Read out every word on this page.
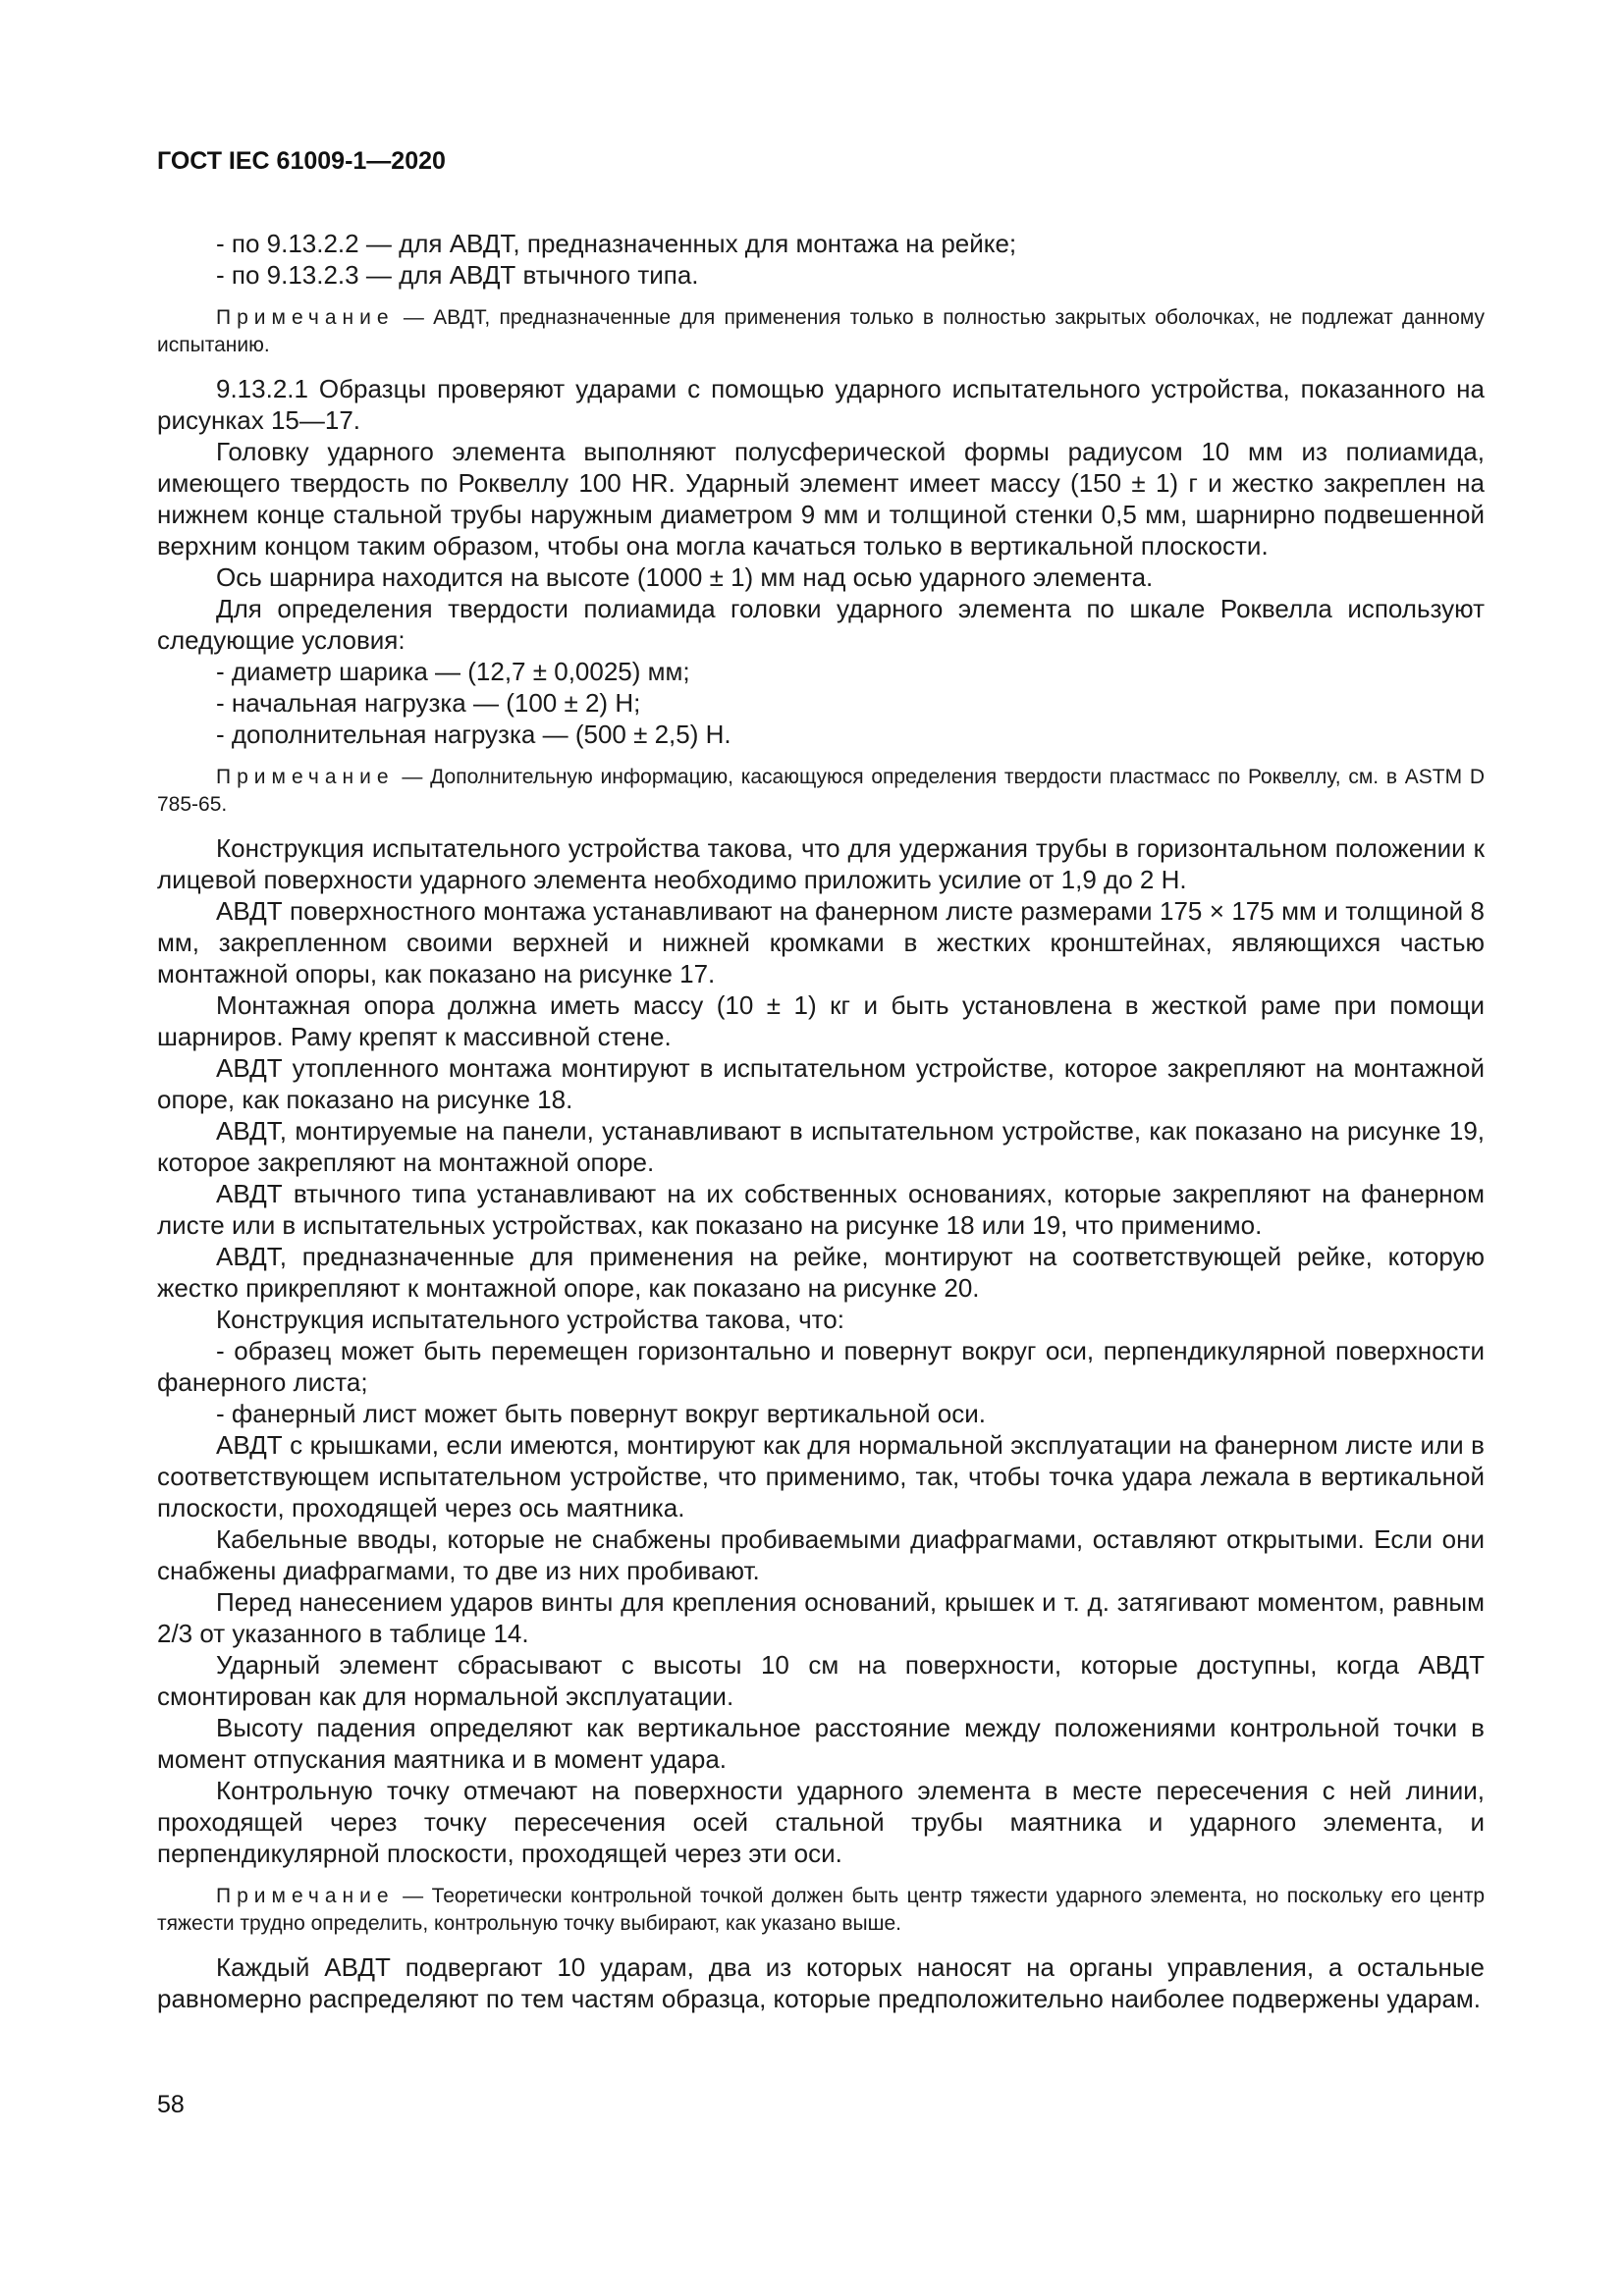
ГОСТ IEC 61009-1—2020

- по 9.13.2.2 — для АВДТ, предназначенных для монтажа на рейке;

- по 9.13.2.3 — для АВДТ втычного типа.

Примечание — АВДТ, предназначенные для применения только в полностью закрытых оболочках, не подлежат данному испытанию.

9.13.2.1 Образцы проверяют ударами с помощью ударного испытательного устройства, показанного на рисунках 15—17.

Головку ударного элемента выполняют полусферической формы радиусом 10 мм из полиамида, имеющего твердость по Роквеллу 100 HR. Ударный элемент имеет массу (150 ± 1) г и жестко закреплен на нижнем конце стальной трубы наружным диаметром 9 мм и толщиной стенки 0,5 мм, шарнирно подвешенной верхним концом таким образом, чтобы она могла качаться только в вертикальной плоскости.

Ось шарнира находится на высоте (1000 ± 1) мм над осью ударного элемента.

Для определения твердости полиамида головки ударного элемента по шкале Роквелла используют следующие условия:

- диаметр шарика — (12,7 ± 0,0025) мм;

- начальная нагрузка — (100 ± 2) Н;

- дополнительная нагрузка — (500 ± 2,5) Н.

Примечание — Дополнительную информацию, касающуюся определения твердости пластмасс по Роквеллу, см. в ASTM D 785-65.

Конструкция испытательного устройства такова, что для удержания трубы в горизонтальном положении к лицевой поверхности ударного элемента необходимо приложить усилие от 1,9 до 2 Н.

АВДТ поверхностного монтажа устанавливают на фанерном листе размерами 175 × 175 мм и толщиной 8 мм, закрепленном своими верхней и нижней кромками в жестких кронштейнах, являющихся частью монтажной опоры, как показано на рисунке 17.

Монтажная опора должна иметь массу (10 ± 1) кг и быть установлена в жесткой раме при помощи шарниров. Раму крепят к массивной стене.

АВДТ утопленного монтажа монтируют в испытательном устройстве, которое закрепляют на монтажной опоре, как показано на рисунке 18.

АВДТ, монтируемые на панели, устанавливают в испытательном устройстве, как показано на рисунке 19, которое закрепляют на монтажной опоре.

АВДТ втычного типа устанавливают на их собственных основаниях, которые закрепляют на фанерном листе или в испытательных устройствах, как показано на рисунке 18 или 19, что применимо.

АВДТ, предназначенные для применения на рейке, монтируют на соответствующей рейке, которую жестко прикрепляют к монтажной опоре, как показано на рисунке 20.

Конструкция испытательного устройства такова, что:

- образец может быть перемещен горизонтально и повернут вокруг оси, перпендикулярной поверхности фанерного листа;

- фанерный лист может быть повернут вокруг вертикальной оси.

АВДТ с крышками, если имеются, монтируют как для нормальной эксплуатации на фанерном листе или в соответствующем испытательном устройстве, что применимо, так, чтобы точка удара лежала в вертикальной плоскости, проходящей через ось маятника.

Кабельные вводы, которые не снабжены пробиваемыми диафрагмами, оставляют открытыми. Если они снабжены диафрагмами, то две из них пробивают.

Перед нанесением ударов винты для крепления оснований, крышек и т. д. затягивают моментом, равным 2/3 от указанного в таблице 14.

Ударный элемент сбрасывают с высоты 10 см на поверхности, которые доступны, когда АВДТ смонтирован как для нормальной эксплуатации.

Высоту падения определяют как вертикальное расстояние между положениями контрольной точки в момент отпускания маятника и в момент удара.

Контрольную точку отмечают на поверхности ударного элемента в месте пересечения с ней линии, проходящей через точку пересечения осей стальной трубы маятника и ударного элемента, и перпендикулярной плоскости, проходящей через эти оси.

Примечание — Теоретически контрольной точкой должен быть центр тяжести ударного элемента, но поскольку его центр тяжести трудно определить, контрольную точку выбирают, как указано выше.

Каждый АВДТ подвергают 10 ударам, два из которых наносят на органы управления, а остальные равномерно распределяют по тем частям образца, которые предположительно наиболее подвержены ударам.

58
